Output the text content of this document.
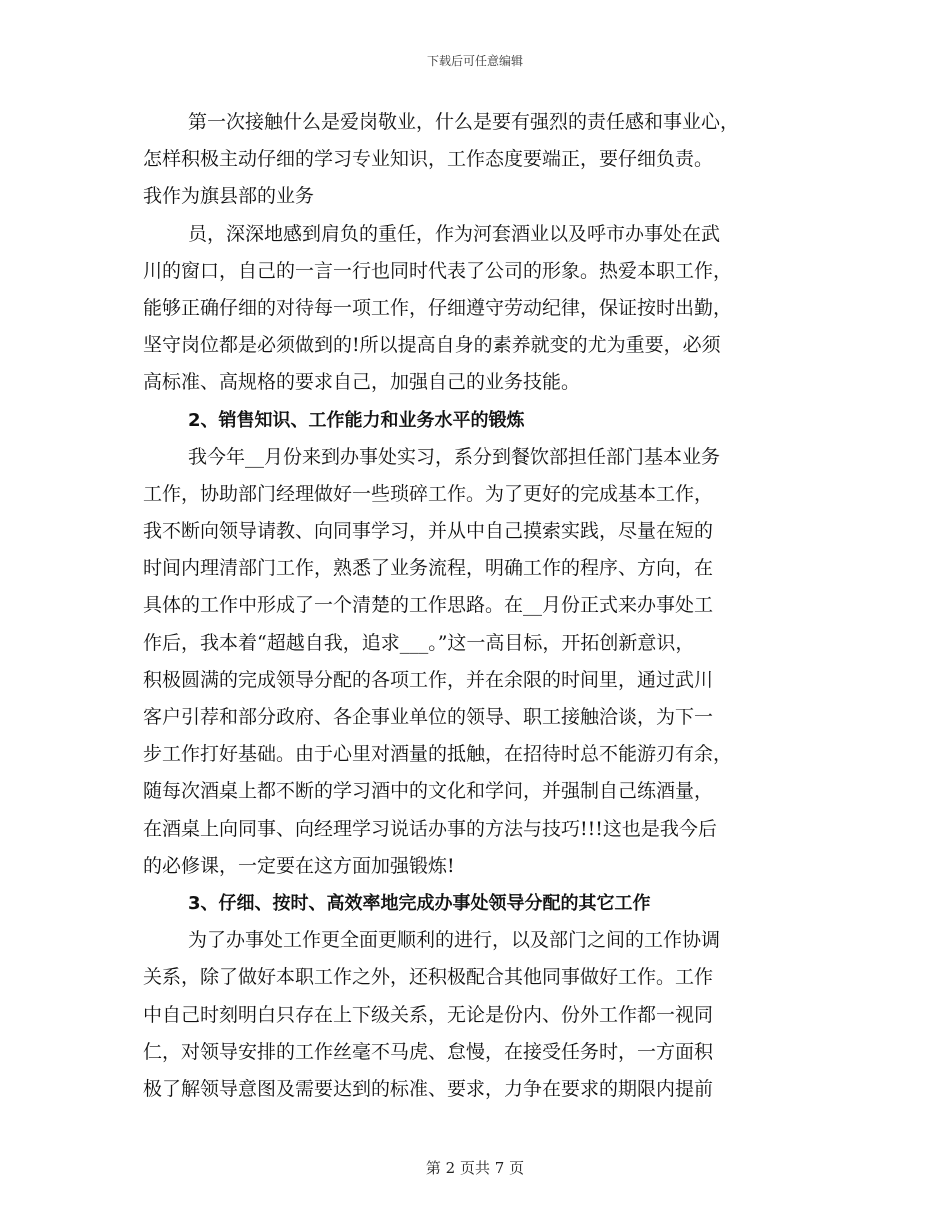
下载后可任意编辑
第一次接触什么是爱岗敬业，什么是要有强烈的责任感和事业心，
怎样积极主动仔细的学习专业知识，工作态度要端正，要仔细负责。
我作为旗县部的业务
员，深深地感到肩负的重任，作为河套酒业以及呼市办事处在武
川的窗口，自己的一言一行也同时代表了公司的形象。热爱本职工作，
能够正确仔细的对待每一项工作，仔细遵守劳动纪律，保证按时出勤，
坚守岗位都是必须做到的!所以提高自身的素养就变的尤为重要，必须
高标准、高规格的要求自己，加强自己的业务技能。
2、销售知识、工作能力和业务水平的锻炼
我今年__月份来到办事处实习，系分到餐饮部担任部门基本业务
工作，协助部门经理做好一些琐碎工作。为了更好的完成基本工作，
我不断向领导请教、向同事学习，并从中自己摸索实践，尽量在短的
时间内理清部门工作，熟悉了业务流程，明确工作的程序、方向，在
具体的工作中形成了一个清楚的工作思路。在__月份正式来办事处工
作后，我本着“超越自我，追求___。”这一高目标，开拓创新意识，
积极圆满的完成领导分配的各项工作，并在余限的时间里，通过武川
客户引荐和部分政府、各企事业单位的领导、职工接触洽谈，为下一
步工作打好基础。由于心里对酒量的抵触，在招待时总不能游刃有余，
随每次酒桌上都不断的学习酒中的文化和学问，并强制自己练酒量，
在酒桌上向同事、向经理学习说话办事的方法与技巧!!!这也是我今后
的必修课，一定要在这方面加强锻炼!
3、仔细、按时、高效率地完成办事处领导分配的其它工作
为了办事处工作更全面更顺利的进行，以及部门之间的工作协调
关系，除了做好本职工作之外，还积极配合其他同事做好工作。工作
中自己时刻明白只存在上下级关系，无论是份内、份外工作都一视同
仁，对领导安排的工作丝毫不马虎、怠慢，在接受任务时，一方面积
极了解领导意图及需要达到的标准、要求，力争在要求的期限内提前
第 2 页共 7 页
